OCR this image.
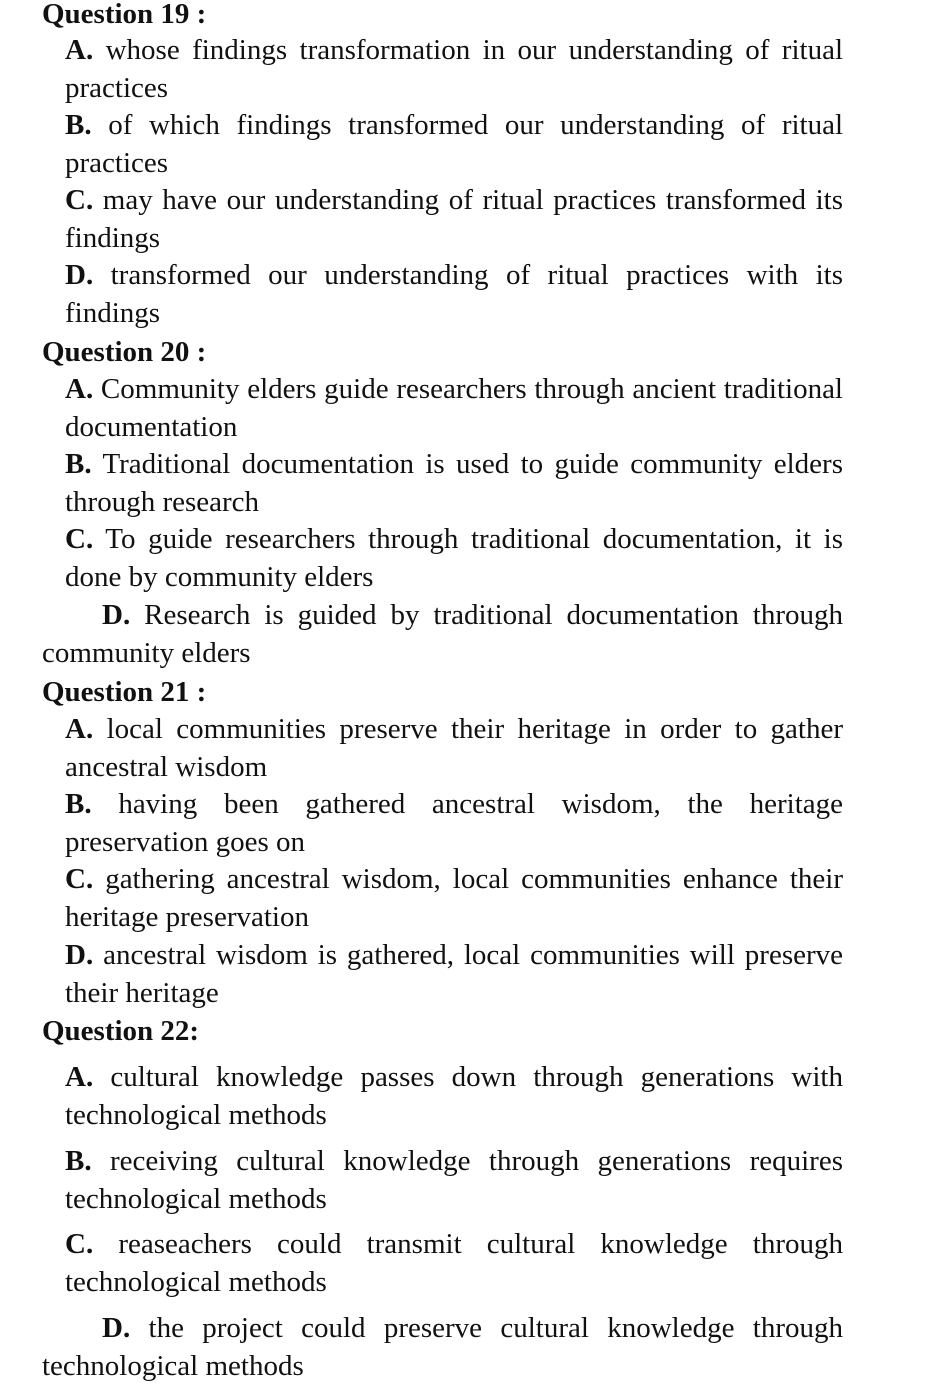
Question 19 :
A. whose findings transformation in our understanding of ritual practices
B. of which findings transformed our understanding of ritual practices
C. may have our understanding of ritual practices transformed its findings
D. transformed our understanding of ritual practices with its findings
Question 20 :
A. Community elders guide researchers through ancient traditional documentation
B. Traditional documentation is used to guide community elders through research
C. To guide researchers through traditional documentation, it is done by community elders
D. Research is guided by traditional documentation through community elders
Question 21 :
A. local communities preserve their heritage in order to gather ancestral wisdom
B. having been gathered ancestral wisdom, the heritage preservation goes on
C. gathering ancestral wisdom, local communities enhance their heritage preservation
D. ancestral wisdom is gathered, local communities will preserve their heritage
Question 22:
A. cultural knowledge passes down through generations with technological methods
B. receiving cultural knowledge through generations requires technological methods
C. reaseachers could transmit cultural knowledge through technological methods
D. the project could preserve cultural knowledge through technological methods
